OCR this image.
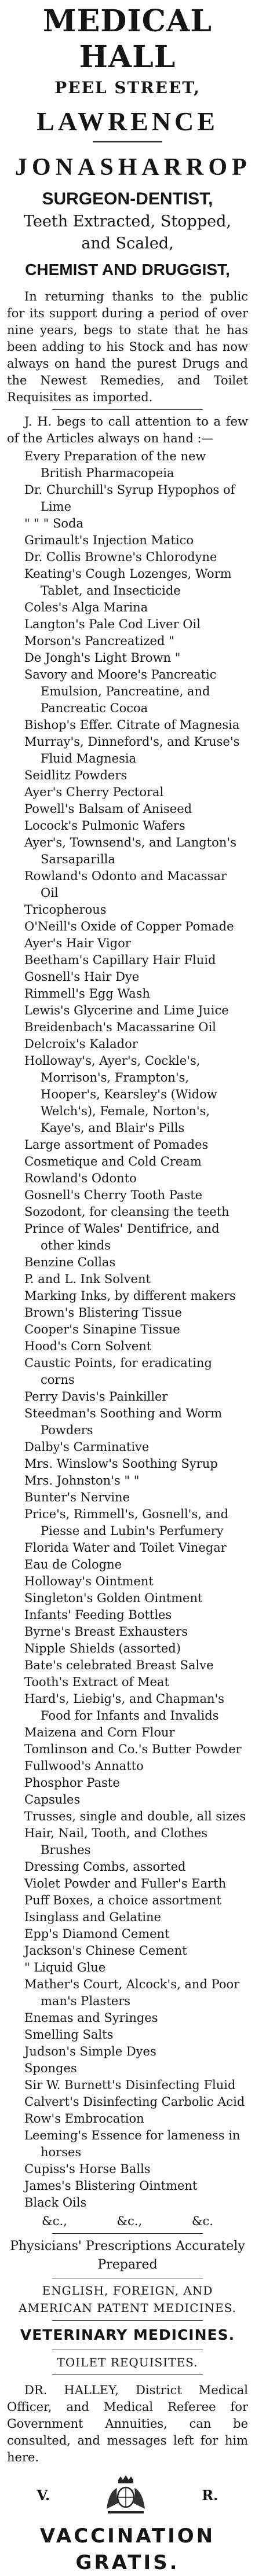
MEDICAL HALL
PEEL STREET,
LAWRENCE
JONAS HARROP
SURGEON-DENTIST,
Teeth Extracted, Stopped, and Scaled,
CHEMIST AND DRUGGIST,

In returning thanks to the public for its support during a period of over nine years, begs to state that he has been adding to his Stock and has now always on hand the purest Drugs and the Newest Remedies, and Toilet Requisites as imported.

J. H. begs to call attention to a few of the Articles always on hand :—

Every Preparation of the new British Pharmacopeia
Dr. Churchill's Syrup Hypophos of Lime
" " " Soda
Grimault's Injection Matico
Dr. Collis Browne's Chlorodyne
Keating's Cough Lozenges, Worm Tablet, and Insecticide
Coles's Alga Marina
Langton's Pale Cod Liver Oil
Morson's Pancreatized "
De Jongh's Light Brown "
Savory and Moore's Pancreatic Emulsion, Pancreatine, and Pancreatic Cocoa
Bishop's Effer. Citrate of Magnesia
Murray's, Dinneford's, and Kruse's Fluid Magnesia
Seidlitz Powders
Ayer's Cherry Pectoral
Powell's Balsam of Aniseed
Locock's Pulmonic Wafers
Ayer's, Townsend's, and Langton's Sarsaparilla
Rowland's Odonto and Macassar Oil
Tricopherous
O'Neill's Oxide of Copper Pomade
Ayer's Hair Vigor
Beetham's Capillary Hair Fluid
Gosnell's Hair Dye
Rimmell's Egg Wash
Lewis's Glycerine and Lime Juice
Breidenbach's Macassarine Oil
Delcroix's Kalador
Holloway's, Ayer's, Cockle's, Morrison's, Frampton's, Hooper's, Kearsley's (Widow Welch's), Female, Norton's, Kaye's, and Blair's Pills
Large assortment of Pomades
Cosmetique and Cold Cream
Rowland's Odonto
Gosnell's Cherry Tooth Paste
Sozodont, for cleansing the teeth
Prince of Wales' Dentifrice, and other kinds
Benzine Collas
P. and L. Ink Solvent
Marking Inks, by different makers
Brown's Blistering Tissue
Cooper's Sinapine Tissue
Hood's Corn Solvent
Caustic Points, for eradicating corns
Perry Davis's Painkiller
Steedman's Soothing and Worm Powders
Dalby's Carminative
Mrs. Winslow's Soothing Syrup
Mrs. Johnston's " "
Bunter's Nervine
Price's, Rimmell's, Gosnell's, and Piesse and Lubin's Perfumery
Florida Water and Toilet Vinegar
Eau de Cologne
Holloway's Ointment
Singleton's Golden Ointment
Infants' Feeding Bottles
Byrne's Breast Exhausters
Nipple Shields (assorted)
Bate's celebrated Breast Salve
Tooth's Extract of Meat
Hard's, Liebig's, and Chapman's Food for Infants and Invalids
Maizena and Corn Flour
Tomlinson and Co.'s Butter Powder
Fullwood's Annatto
Phosphor Paste
Capsules
Trusses, single and double, all sizes
Hair, Nail, Tooth, and Clothes Brushes
Dressing Combs, assorted
Violet Powder and Fuller's Earth
Puff Boxes, a choice assortment
Isinglass and Gelatine
Epp's Diamond Cement
Jackson's Chinese Cement
" Liquid Glue
Mather's Court, Alcock's, and Poor man's Plasters
Enemas and Syringes
Smelling Salts
Judson's Simple Dyes
Sponges
Sir W. Burnett's Disinfecting Fluid
Calvert's Disinfecting Carbolic Acid
Row's Embrocation
Leeming's Essence for lameness in horses
Cupiss's Horse Balls
James's Blistering Ointment
Black Oils
&c.,	&c.,	&c.
Physicians' Prescriptions Accurately Prepared
ENGLISH, FOREIGN, AND AMERICAN PATENT MEDICINES.
VETERINARY MEDICINES.
TOILET REQUISITES.

DR. HALLEY, District Medical Officer, and Medical Referee for Government Annuities, can be consulted, and messages left for him here.

V.	R.
VACCINATION GRATIS.
